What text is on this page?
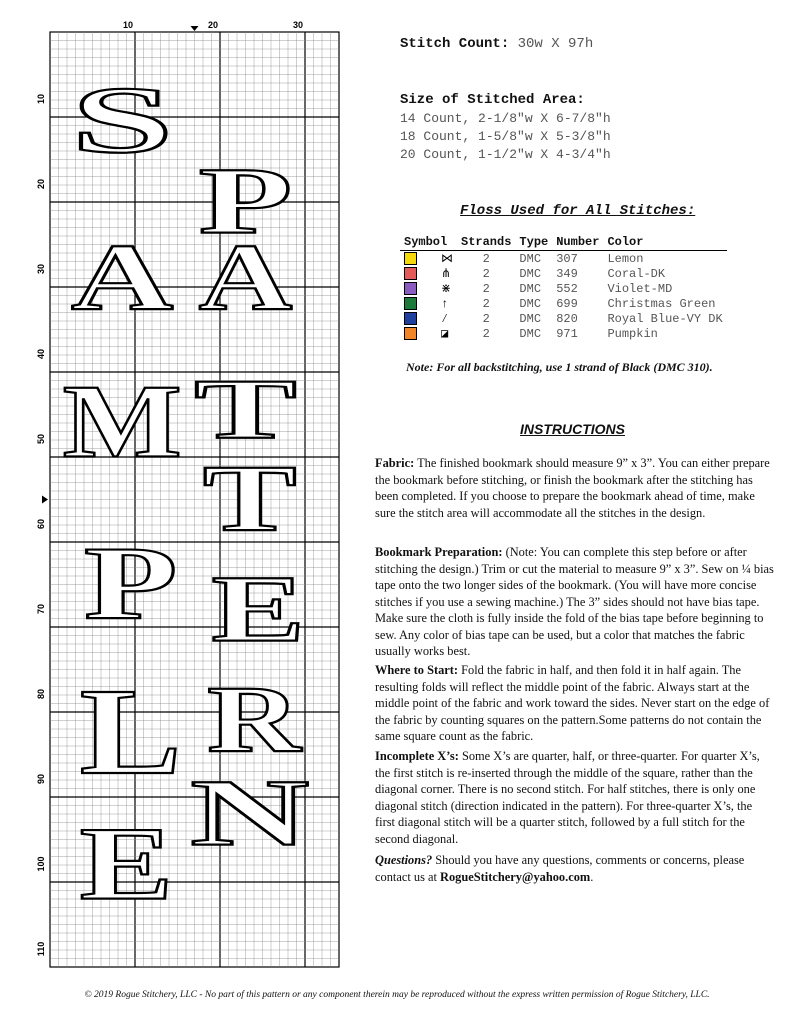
10	20	30
10
20
30
40
50
60
70
80
90
100
110
S
A
M
P
L
E
P
A
T
T
E
R
N
Stitch Count: 30w X 97h
Size of Stitched Area:
14 Count, 2-1/8"w X 6-7/8"h
18 Count, 1-5/8"w X 5-3/8"h
20 Count, 1-1/2"w X 4-3/4"h
Floss Used for All Stitches:
Symbol	Strands	Type	Number	Color
⋈	2	DMC	307	Lemon
⋔	2	DMC	349	Coral-DK
⋇	2	DMC	552	Violet-MD
↑	2	DMC	699	Christmas Green
⁄	2	DMC	820	Royal Blue-VY DK
◪	2	DMC	971	Pumpkin
Note: For all backstitching, use 1 strand of Black (DMC 310).
INSTRUCTIONS
Fabric: The finished bookmark should measure 9” x 3”. You can either prepare the bookmark before stitching, or finish the bookmark after the stitching has been completed. If you choose to prepare the bookmark ahead of time, make sure the stitch area will accommodate all the stitches in the design.
Bookmark Preparation: (Note: You can complete this step before or after stitching the design.) Trim or cut the material to measure 9” x 3”. Sew on ¼ bias tape onto the two longer sides of the bookmark. (You will have more concise stitches if you use a sewing machine.) The 3” sides should not have bias tape. Make sure the cloth is fully inside the fold of the bias tape before beginning to sew. Any color of bias tape can be used, but a color that matches the fabric usually works best.
Where to Start: Fold the fabric in half, and then fold it in half again. The resulting folds will reflect the middle point of the fabric. Always start at the middle point of the fabric and work toward the sides. Never start on the edge of the fabric by counting squares on the pattern.Some patterns do not contain the same square count as the fabric.
Incomplete X’s: Some X’s are quarter, half, or three-quarter. For quarter X’s, the first stitch is re-inserted through the middle of the square, rather than the diagonal corner. There is no second stitch. For half stitches, there is only one diagonal stitch (direction indicated in the pattern). For three-quarter X’s, the first diagonal stitch will be a quarter stitch, followed by a full stitch for the second diagonal.
Questions? Should you have any questions, comments or concerns, please contact us at RogueStitchery@yahoo.com.
© 2019 Rogue Stitchery, LLC - No part of this pattern or any component therein may be reproduced without the express written permission of Rogue Stitchery, LLC.
